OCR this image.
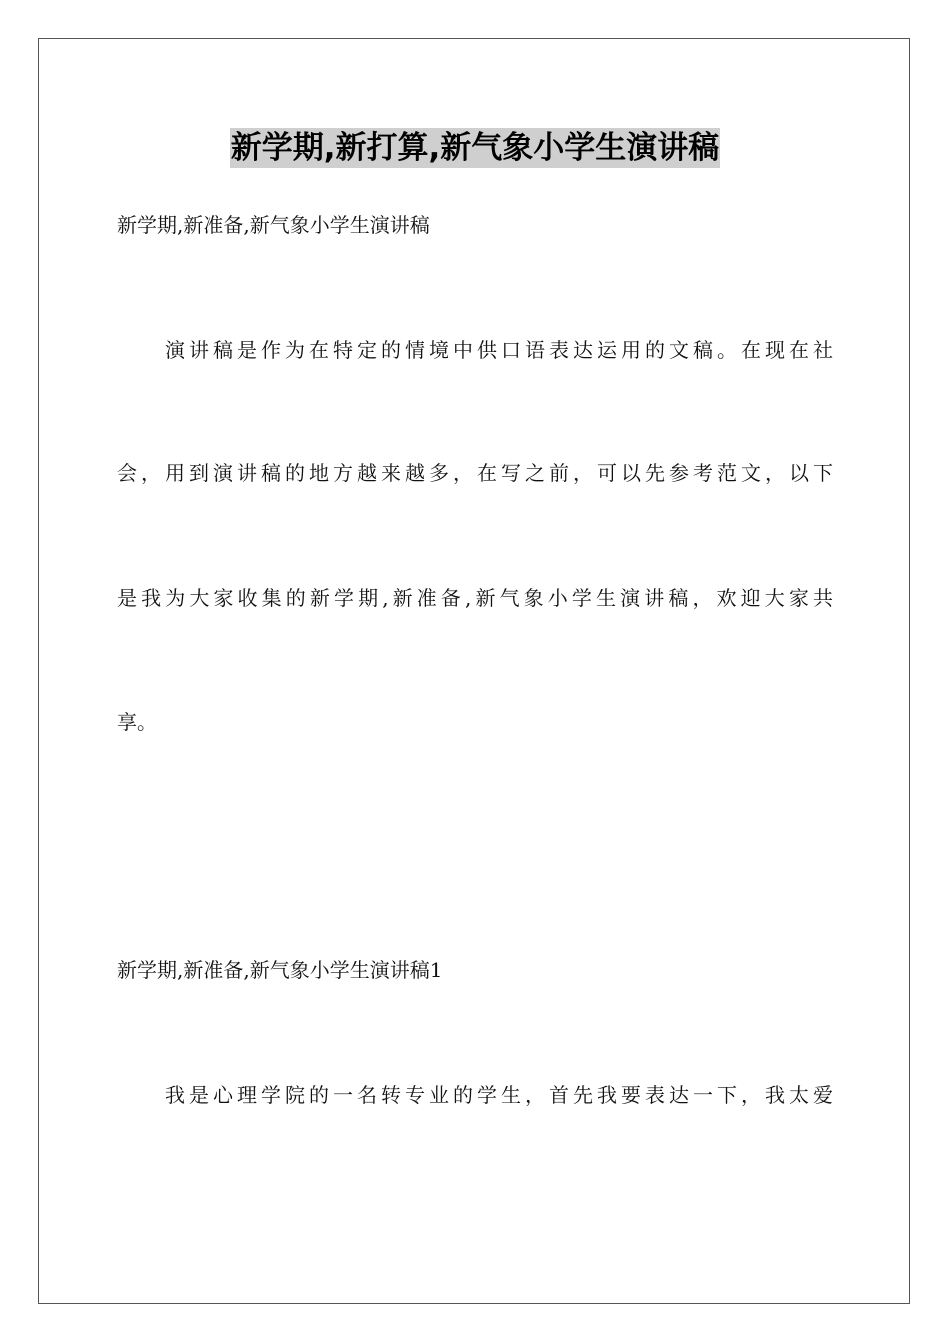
新学期,新打算,新气象小学生演讲稿
新学期,新准备,新气象小学生演讲稿
演讲稿是作为在特定的情境中供口语表达运用的文稿。在现在社
会，用到演讲稿的地方越来越多，在写之前，可以先参考范文，以下
是我为大家收集的新学期,新准备,新气象小学生演讲稿，欢迎大家共
享。
新学期,新准备,新气象小学生演讲稿1
我是心理学院的一名转专业的学生，首先我要表达一下，我太爱
